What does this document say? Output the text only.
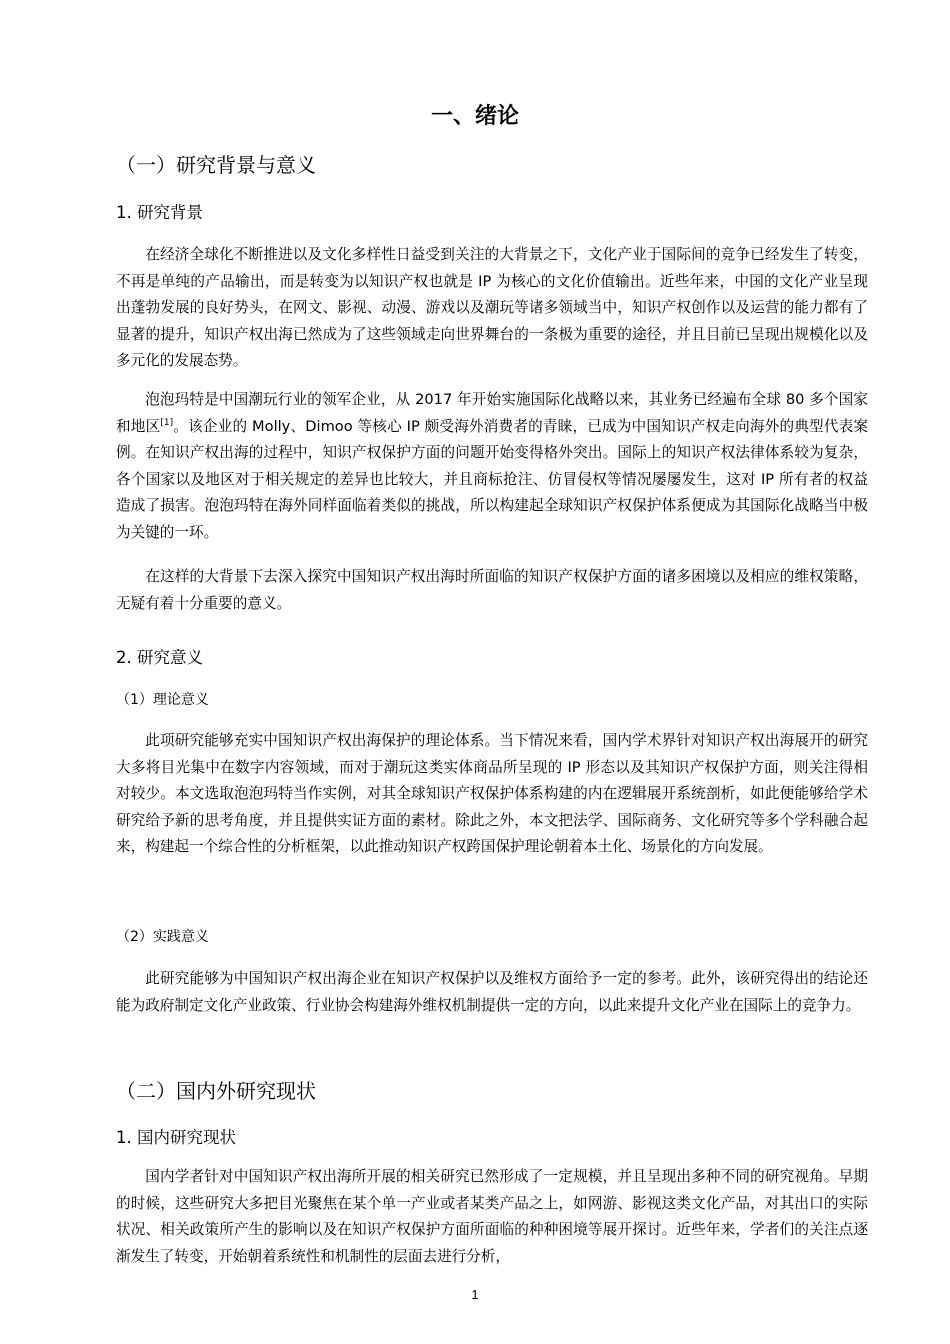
一、绪论
（一）研究背景与意义
1. 研究背景

在经济全球化不断推进以及文化多样性日益受到关注的大背景之下，文化产业于国际间的竞争已经发生了转变，不再是单纯的产品输出，而是转变为以知识产权也就是 IP 为核心的文化价值输出。近些年来，中国的文化产业呈现出蓬勃发展的良好势头，在网文、影视、动漫、游戏以及潮玩等诸多领域当中，知识产权创作以及运营的能力都有了显著的提升，知识产权出海已然成为了这些领域走向世界舞台的一条极为重要的途径，并且目前已呈现出规模化以及多元化的发展态势。

泡泡玛特是中国潮玩行业的领军企业，从 2017 年开始实施国际化战略以来，其业务已经遍布全球 80 多个国家和地区[1]。该企业的 Molly、Dimoo 等核心 IP 颇受海外消费者的青睐，已成为中国知识产权走向海外的典型代表案例。在知识产权出海的过程中，知识产权保护方面的问题开始变得格外突出。国际上的知识产权法律体系较为复杂，各个国家以及地区对于相关规定的差异也比较大，并且商标抢注、仿冒侵权等情况屡屡发生，这对 IP 所有者的权益造成了损害。泡泡玛特在海外同样面临着类似的挑战，所以构建起全球知识产权保护体系便成为其国际化战略当中极为关键的一环。

在这样的大背景下去深入探究中国知识产权出海时所面临的知识产权保护方面的诸多困境以及相应的维权策略，无疑有着十分重要的意义。

2. 研究意义
（1）理论意义

此项研究能够充实中国知识产权出海保护的理论体系。当下情况来看，国内学术界针对知识产权出海展开的研究大多将目光集中在数字内容领域，而对于潮玩这类实体商品所呈现的 IP 形态以及其知识产权保护方面，则关注得相对较少。本文选取泡泡玛特当作实例，对其全球知识产权保护体系构建的内在逻辑展开系统剖析，如此便能够给学术研究给予新的思考角度，并且提供实证方面的素材。除此之外，本文把法学、国际商务、文化研究等多个学科融合起来，构建起一个综合性的分析框架，以此推动知识产权跨国保护理论朝着本土化、场景化的方向发展。

（2）实践意义

此研究能够为中国知识产权出海企业在知识产权保护以及维权方面给予一定的参考。此外，该研究得出的结论还能为政府制定文化产业政策、行业协会构建海外维权机制提供一定的方向，以此来提升文化产业在国际上的竞争力。

（二）国内外研究现状
1. 国内研究现状

国内学者针对中国知识产权出海所开展的相关研究已然形成了一定规模，并且呈现出多种不同的研究视角。早期的时候，这些研究大多把目光聚焦在某个单一产业或者某类产品之上，如网游、影视这类文化产品，对其出口的实际状况、相关政策所产生的影响以及在知识产权保护方面所面临的种种困境等展开探讨。近些年来，学者们的关注点逐渐发生了转变，开始朝着系统性和机制性的层面去进行分析，

1
